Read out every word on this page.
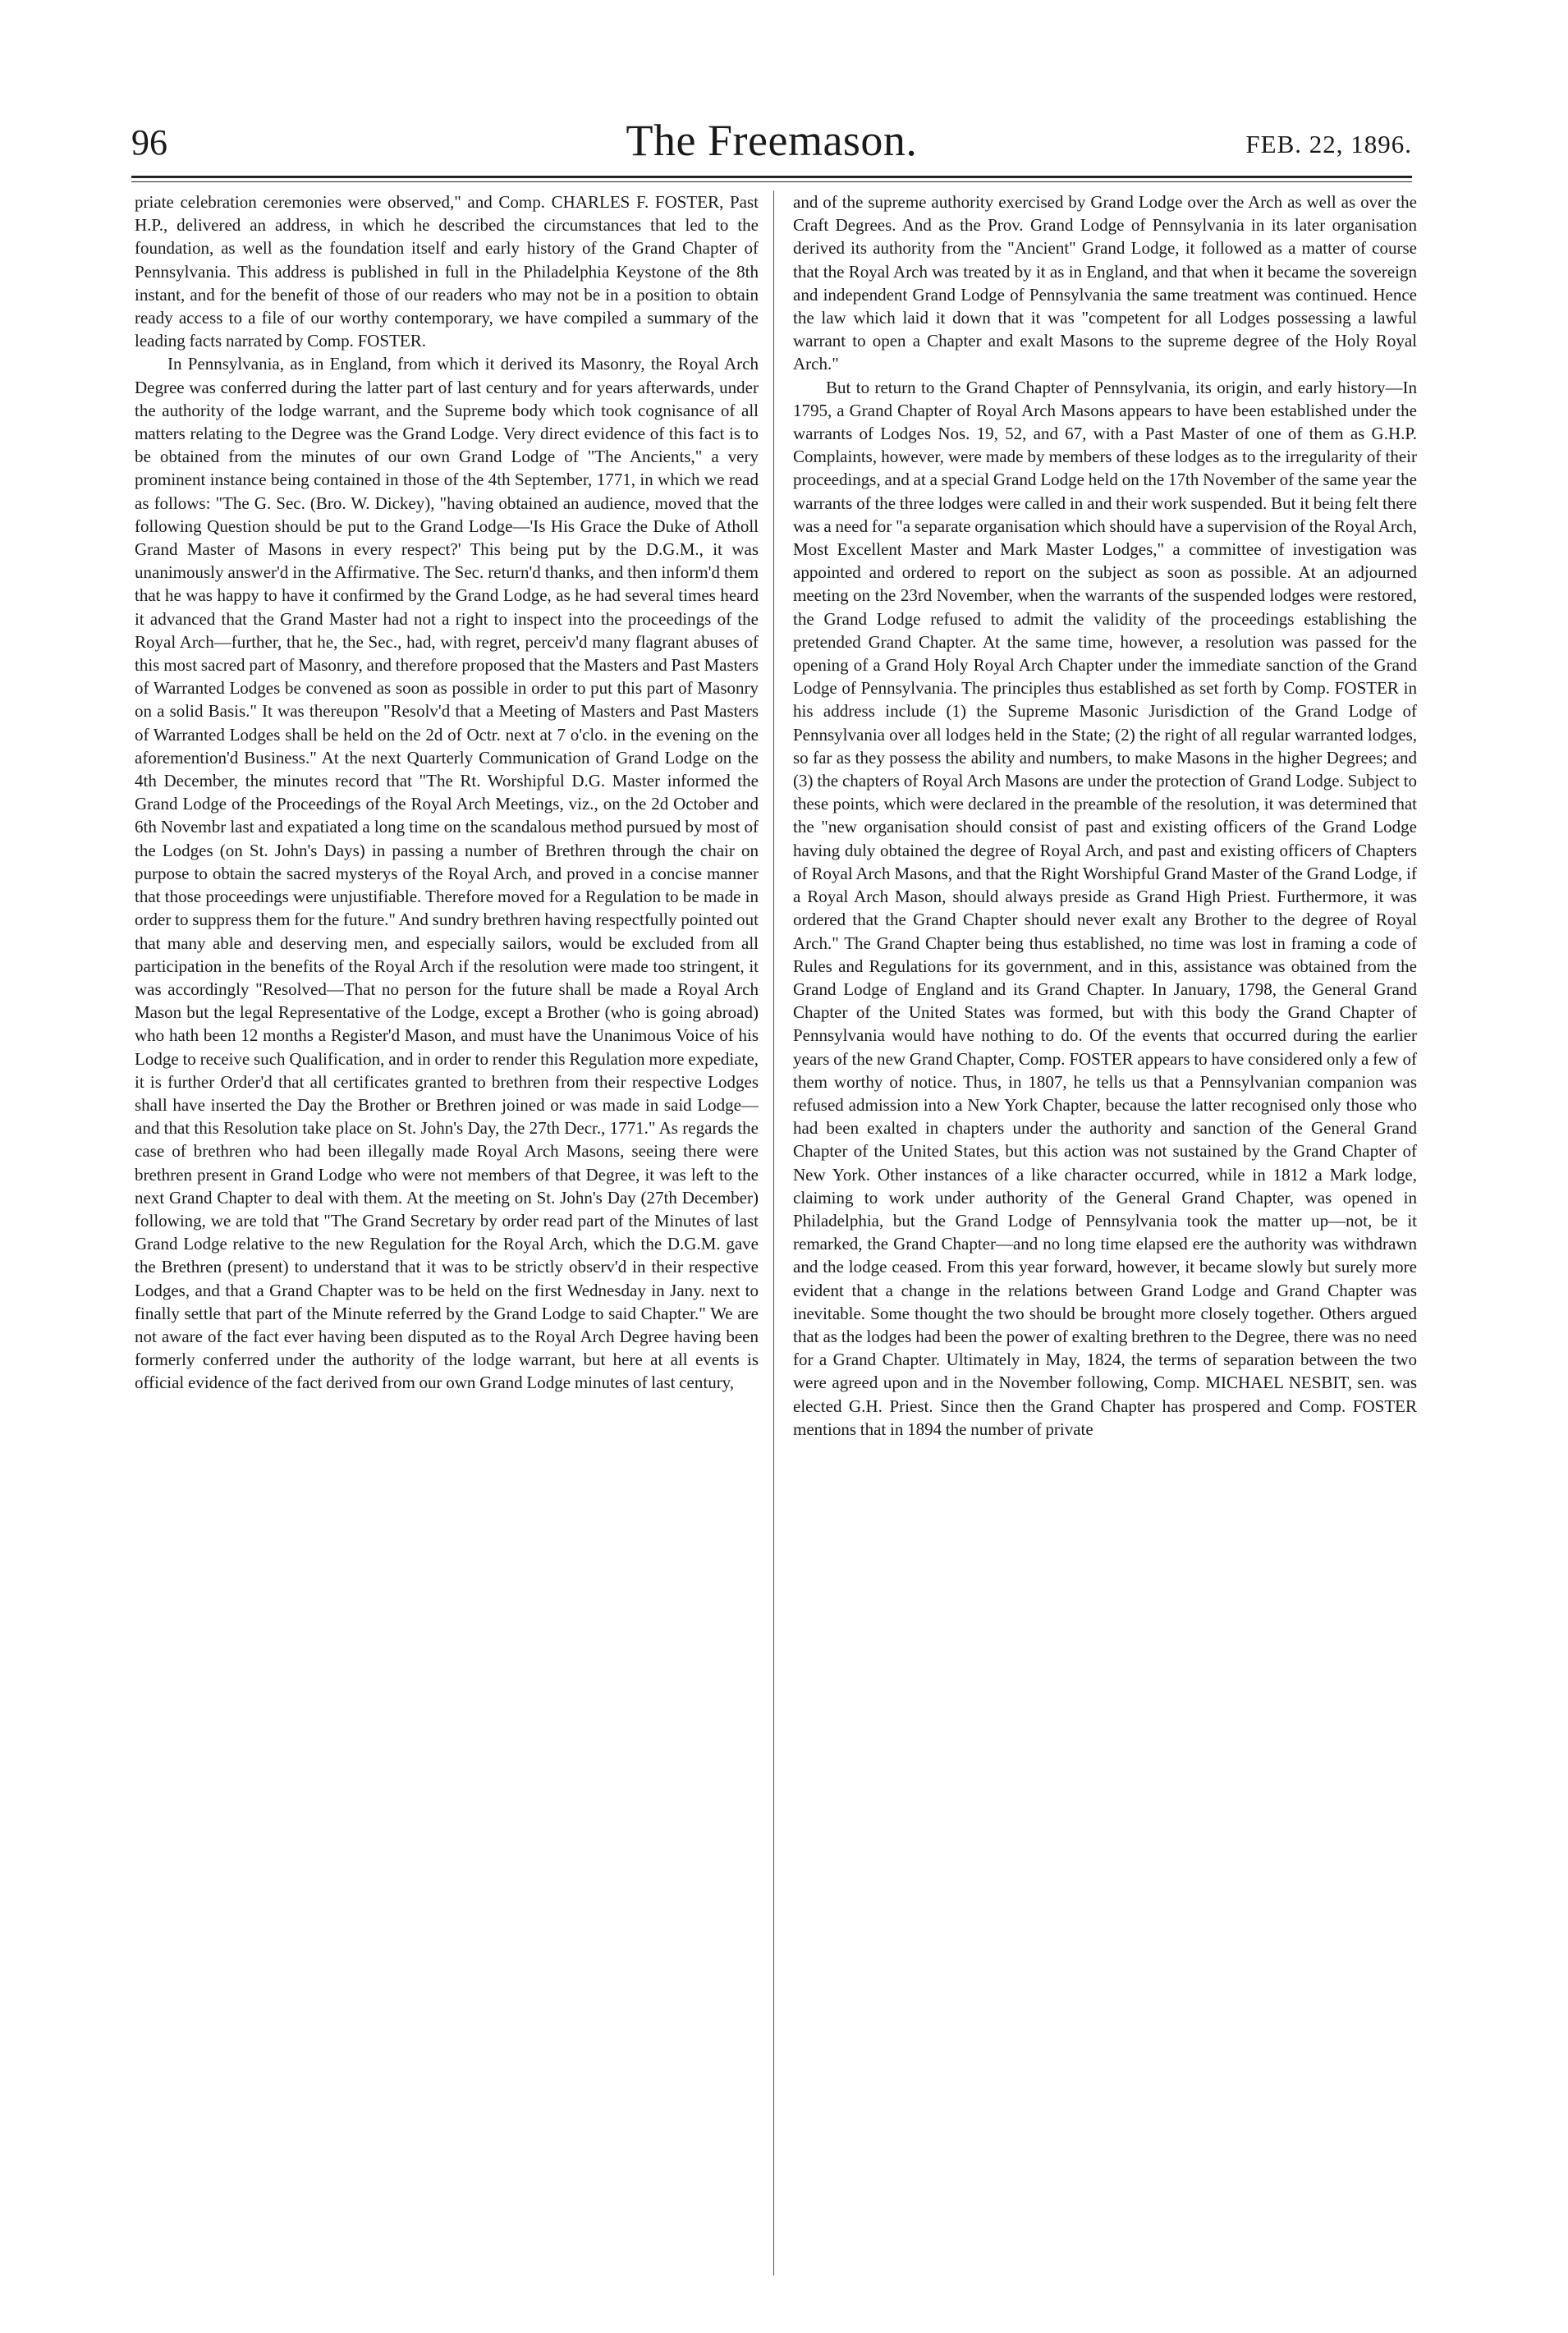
96	The Freemason.	FEB. 22, 1896.

priate celebration ceremonies were observed," and Comp. CHARLES F. FOSTER, Past H.P., delivered an address, in which he described the circumstances that led to the foundation, as well as the foundation itself and early history of the Grand Chapter of Pennsylvania. This address is published in full in the Philadelphia Keystone of the 8th instant, and for the benefit of those of our readers who may not be in a position to obtain ready access to a file of our worthy contemporary, we have compiled a summary of the leading facts narrated by Comp. FOSTER.

In Pennsylvania, as in England, from which it derived its Masonry, the Royal Arch Degree was conferred during the latter part of last century and for years afterwards, under the authority of the lodge warrant, and the Supreme body which took cognisance of all matters relating to the Degree was the Grand Lodge. Very direct evidence of this fact is to be obtained from the minutes of our own Grand Lodge of "The Ancients," a very prominent instance being contained in those of the 4th September, 1771, in which we read as follows: "The G. Sec. (Bro. W. Dickey), "having obtained an audience, moved that the following Question should be put to the Grand Lodge—'Is His Grace the Duke of Atholl Grand Master of Masons in every respect?' This being put by the D.G.M., it was unanimously answer'd in the Affirmative. The Sec. return'd thanks, and then inform'd them that he was happy to have it confirmed by the Grand Lodge, as he had several times heard it advanced that the Grand Master had not a right to inspect into the proceedings of the Royal Arch—further, that he, the Sec., had, with regret, perceiv'd many flagrant abuses of this most sacred part of Masonry, and therefore proposed that the Masters and Past Masters of Warranted Lodges be convened as soon as possible in order to put this part of Masonry on a solid Basis." It was thereupon "Resolv'd that a Meeting of Masters and Past Masters of Warranted Lodges shall be held on the 2d of Octr. next at 7 o'clo. in the evening on the aforemention'd Business." At the next Quarterly Communication of Grand Lodge on the 4th December, the minutes record that "The Rt. Worshipful D.G. Master informed the Grand Lodge of the Proceedings of the Royal Arch Meetings, viz., on the 2d October and 6th Novembr last and expatiated a long time on the scandalous method pursued by most of the Lodges (on St. John's Days) in passing a number of Brethren through the chair on purpose to obtain the sacred mysterys of the Royal Arch, and proved in a concise manner that those proceedings were unjustifiable. Therefore moved for a Regulation to be made in order to suppress them for the future." And sundry brethren having respectfully pointed out that many able and deserving men, and especially sailors, would be excluded from all participation in the benefits of the Royal Arch if the resolution were made too stringent, it was accordingly "Resolved—That no person for the future shall be made a Royal Arch Mason but the legal Representative of the Lodge, except a Brother (who is going abroad) who hath been 12 months a Register'd Mason, and must have the Unanimous Voice of his Lodge to receive such Qualification, and in order to render this Regulation more expediate, it is further Order'd that all certificates granted to brethren from their respective Lodges shall have inserted the Day the Brother or Brethren joined or was made in said Lodge—and that this Resolution take place on St. John's Day, the 27th Decr., 1771." As regards the case of brethren who had been illegally made Royal Arch Masons, seeing there were brethren present in Grand Lodge who were not members of that Degree, it was left to the next Grand Chapter to deal with them. At the meeting on St. John's Day (27th December) following, we are told that "The Grand Secretary by order read part of the Minutes of last Grand Lodge relative to the new Regulation for the Royal Arch, which the D.G.M. gave the Brethren (present) to understand that it was to be strictly observ'd in their respective Lodges, and that a Grand Chapter was to be held on the first Wednesday in Jany. next to finally settle that part of the Minute referred by the Grand Lodge to said Chapter." We are not aware of the fact ever having been disputed as to the Royal Arch Degree having been formerly conferred under the authority of the lodge warrant, but here at all events is official evidence of the fact derived from our own Grand Lodge minutes of last century,

and of the supreme authority exercised by Grand Lodge over the Arch as well as over the Craft Degrees. And as the Prov. Grand Lodge of Pennsylvania in its later organisation derived its authority from the "Ancient" Grand Lodge, it followed as a matter of course that the Royal Arch was treated by it as in England, and that when it became the sovereign and independent Grand Lodge of Pennsylvania the same treatment was continued. Hence the law which laid it down that it was "competent for all Lodges possessing a lawful warrant to open a Chapter and exalt Masons to the supreme degree of the Holy Royal Arch."

But to return to the Grand Chapter of Pennsylvania, its origin, and early history—In 1795, a Grand Chapter of Royal Arch Masons appears to have been established under the warrants of Lodges Nos. 19, 52, and 67, with a Past Master of one of them as G.H.P. Complaints, however, were made by members of these lodges as to the irregularity of their proceedings, and at a special Grand Lodge held on the 17th November of the same year the warrants of the three lodges were called in and their work suspended. But it being felt there was a need for "a separate organisation which should have a supervision of the Royal Arch, Most Excellent Master and Mark Master Lodges," a committee of investigation was appointed and ordered to report on the subject as soon as possible. At an adjourned meeting on the 23rd November, when the warrants of the suspended lodges were restored, the Grand Lodge refused to admit the validity of the proceedings establishing the pretended Grand Chapter. At the same time, however, a resolution was passed for the opening of a Grand Holy Royal Arch Chapter under the immediate sanction of the Grand Lodge of Pennsylvania. The principles thus established as set forth by Comp. FOSTER in his address include (1) the Supreme Masonic Jurisdiction of the Grand Lodge of Pennsylvania over all lodges held in the State; (2) the right of all regular warranted lodges, so far as they possess the ability and numbers, to make Masons in the higher Degrees; and (3) the chapters of Royal Arch Masons are under the protection of Grand Lodge. Subject to these points, which were declared in the preamble of the resolution, it was determined that the "new organisation should consist of past and existing officers of the Grand Lodge having duly obtained the degree of Royal Arch, and past and existing officers of Chapters of Royal Arch Masons, and that the Right Worshipful Grand Master of the Grand Lodge, if a Royal Arch Mason, should always preside as Grand High Priest. Furthermore, it was ordered that the Grand Chapter should never exalt any Brother to the degree of Royal Arch." The Grand Chapter being thus established, no time was lost in framing a code of Rules and Regulations for its government, and in this, assistance was obtained from the Grand Lodge of England and its Grand Chapter. In January, 1798, the General Grand Chapter of the United States was formed, but with this body the Grand Chapter of Pennsylvania would have nothing to do. Of the events that occurred during the earlier years of the new Grand Chapter, Comp. FOSTER appears to have considered only a few of them worthy of notice. Thus, in 1807, he tells us that a Pennsylvanian companion was refused admission into a New York Chapter, because the latter recognised only those who had been exalted in chapters under the authority and sanction of the General Grand Chapter of the United States, but this action was not sustained by the Grand Chapter of New York. Other instances of a like character occurred, while in 1812 a Mark lodge, claiming to work under authority of the General Grand Chapter, was opened in Philadelphia, but the Grand Lodge of Pennsylvania took the matter up—not, be it remarked, the Grand Chapter—and no long time elapsed ere the authority was withdrawn and the lodge ceased. From this year forward, however, it became slowly but surely more evident that a change in the relations between Grand Lodge and Grand Chapter was inevitable. Some thought the two should be brought more closely together. Others argued that as the lodges had been the power of exalting brethren to the Degree, there was no need for a Grand Chapter. Ultimately in May, 1824, the terms of separation between the two were agreed upon and in the November following, Comp. MICHAEL NESBIT, sen. was elected G.H. Priest. Since then the Grand Chapter has prospered and Comp. FOSTER mentions that in 1894 the number of private
